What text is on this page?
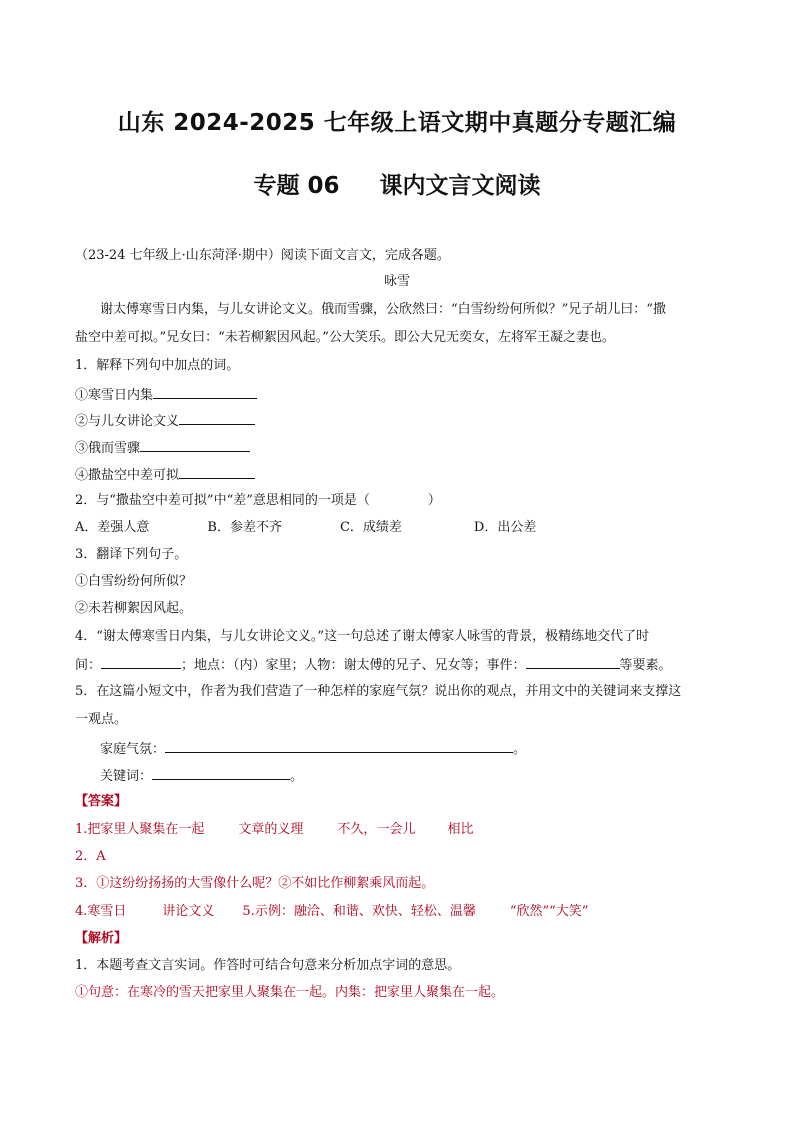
山东 2024-2025 七年级上语文期中真题分专题汇编
专题 06 课内文言文阅读
（23-24 七年级上·山东菏泽·期中）阅读下面文言文，完成各题。
咏雪
谢太傅寒雪日内集，与儿女讲论文义。俄而雪骤，公欣然曰：“白雪纷纷何所似？”兄子胡儿曰：“撒
盐空中差可拟。”兄女曰：“未若柳絮因风起。”公大笑乐。即公大兄无奕女，左将军王凝之妻也。
1．解释下列句中加点的词。
①寒雪日内集
②与儿女讲论文义
③俄而雪骤
④撒盐空中差可拟
2．与“撒盐空中差可拟”中“差”意思相同的一项是（	）
A．差强人意	B．参差不齐	C．成绩差	D．出公差
3．翻译下列句子。
①白雪纷纷何所似？
②未若柳絮因风起。
4．“谢太傅寒雪日内集，与儿女讲论文义。”这一句总述了谢太傅家人咏雪的背景，极精练地交代了时
间：	；地点：（内）家里；人物：谢太傅的兄子、兄女等；事件：	等要素。
5．在这篇小短文中，作者为我们营造了一种怎样的家庭气氛？说出你的观点，并用文中的关键词来支撑这
一观点。
家庭气氛：	。
关键词：	。
【答案】
1.把家里人聚集在一起	文章的义理	不久，一会儿 相比
2．A
3．①这纷纷扬扬的大雪像什么呢？②不如比作柳絮乘风而起。
4.寒雪日	讲论文义 5.示例：融洽、和谐、欢快、轻松、温馨	“欣然”“大笑”
【解析】
1．本题考查文言实词。作答时可结合句意来分析加点字词的意思。
①句意：在寒冷的雪天把家里人聚集在一起。内集：把家里人聚集在一起。
